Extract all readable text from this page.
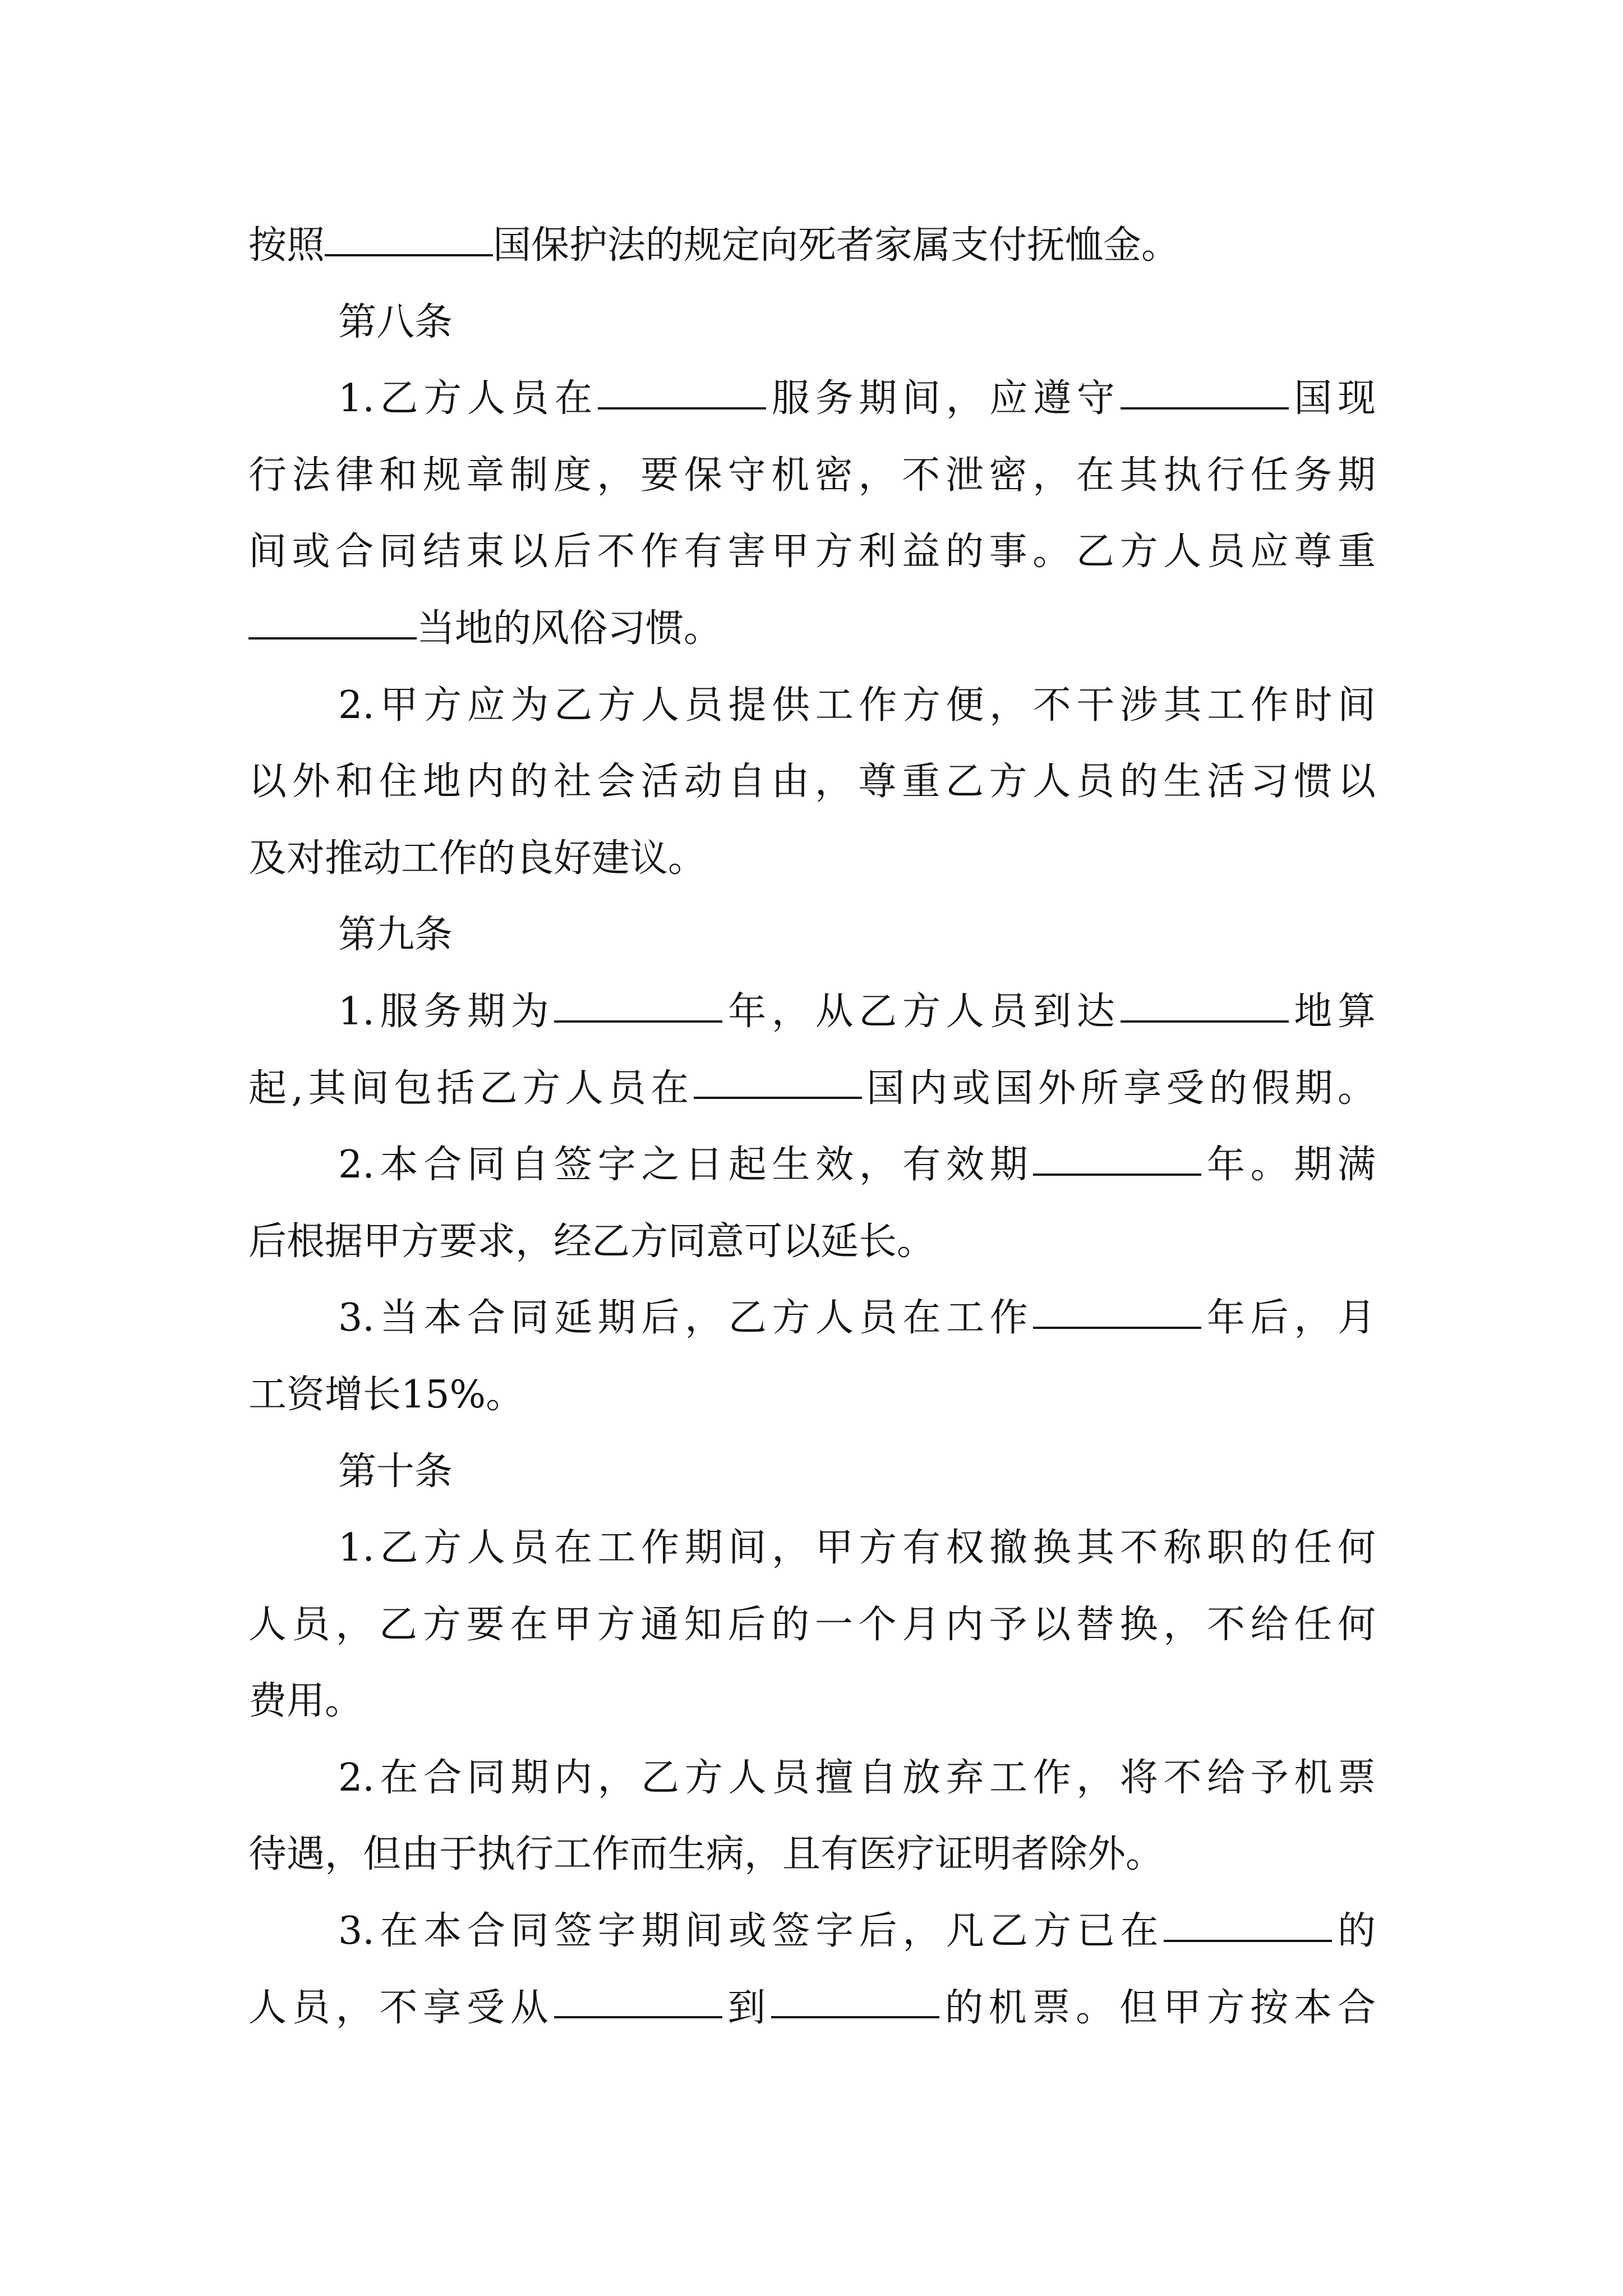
按照	国保护法的规定向死者家属支付抚恤金。
第八条
1.乙方人员在	服务期间，应遵守	国现
行法律和规章制度，要保守机密，不泄密，在其执行任务期
间或合同结束以后不作有害甲方利益的事。乙方人员应尊重
当地的风俗习惯。
2.甲方应为乙方人员提供工作方便，不干涉其工作时间
以外和住地内的社会活动自由，尊重乙方人员的生活习惯以
及对推动工作的良好建议。
第九条
1.服务期为	年，从乙方人员到达	地算
起,其间包括乙方人员在	国内或国外所享受的假期。
2.本合同自签字之日起生效，有效期	年。期满
后根据甲方要求，经乙方同意可以延长。
3.当本合同延期后，乙方人员在工作	年后，月
工资增长15%。
第十条
1.乙方人员在工作期间，甲方有权撤换其不称职的任何
人员，乙方要在甲方通知后的一个月内予以替换，不给任何
费用。
2.在合同期内，乙方人员擅自放弃工作，将不给予机票
待遇，但由于执行工作而生病，且有医疗证明者除外。
3.在本合同签字期间或签字后，凡乙方已在	的
人员，不享受从	到	的机票。但甲方按本合
